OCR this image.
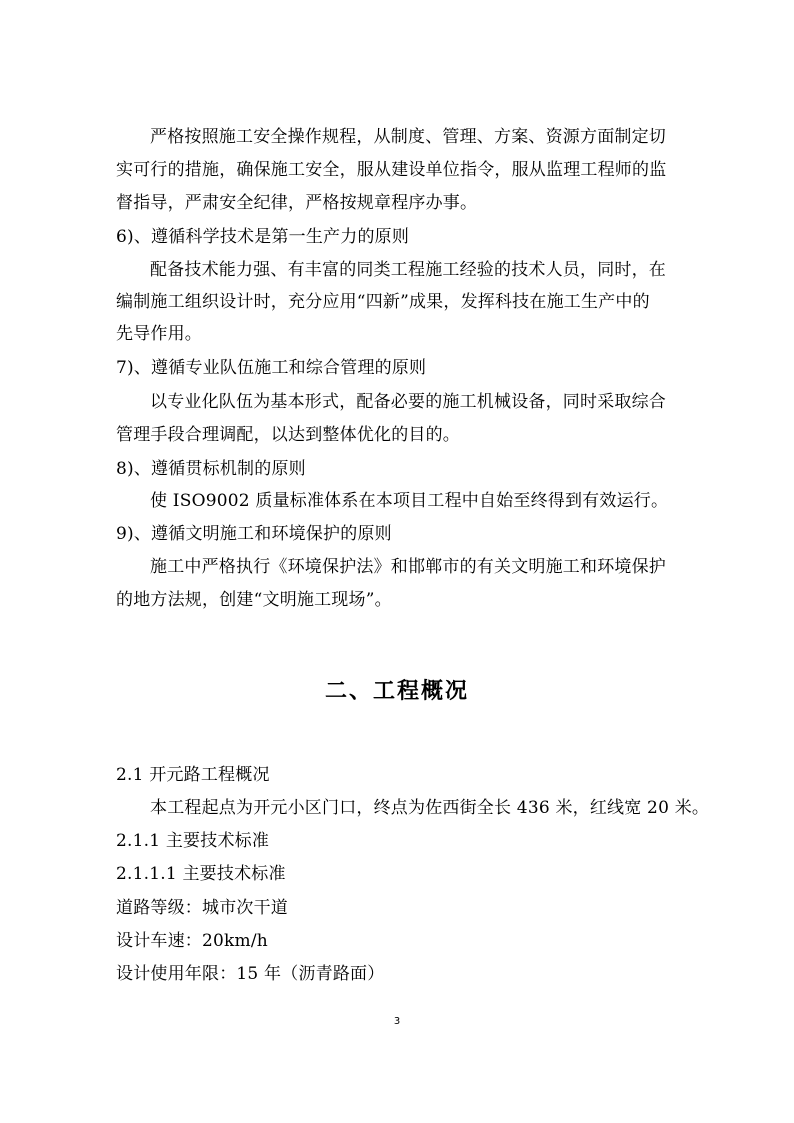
严格按照施工安全操作规程，从制度、管理、方案、资源方面制定切
实可行的措施，确保施工安全，服从建设单位指令，服从监理工程师的监
督指导，严肃安全纪律，严格按规章程序办事。
6)、遵循科学技术是第一生产力的原则
配备技术能力强、有丰富的同类工程施工经验的技术人员，同时，在
编制施工组织设计时，充分应用“四新”成果，发挥科技在施工生产中的
先导作用。
7)、遵循专业队伍施工和综合管理的原则
以专业化队伍为基本形式，配备必要的施工机械设备，同时采取综合
管理手段合理调配，以达到整体优化的目的。
8)、遵循贯标机制的原则
使 ISO9002 质量标准体系在本项目工程中自始至终得到有效运行。
9)、遵循文明施工和环境保护的原则
施工中严格执行《环境保护法》和邯郸市的有关文明施工和环境保护
的地方法规，创建“文明施工现场”。
二、工程概况
2.1 开元路工程概况
本工程起点为开元小区门口，终点为佐西街全长 436 米，红线宽 20 米。
2.1.1 主要技术标准
2.1.1.1 主要技术标准
道路等级：城市次干道
设计车速：20km/h
设计使用年限：15 年（沥青路面）
3
